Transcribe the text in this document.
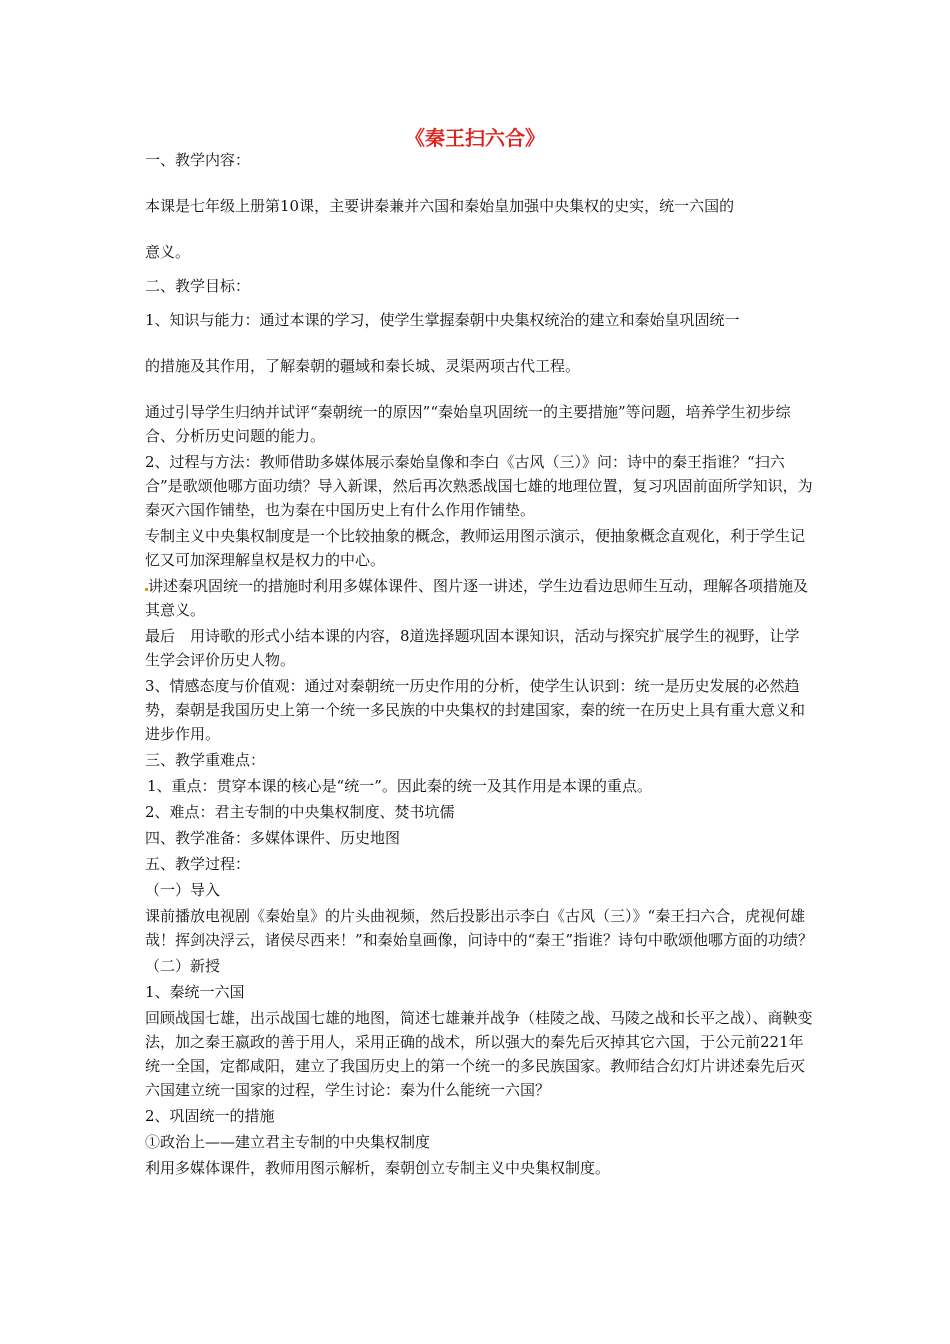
《秦王扫六合》

一、教学内容：

本课是七年级上册第10课，主要讲秦兼并六国和秦始皇加强中央集权的史实，统一六国的

意义。

二、教学目标：

1、知识与能力：通过本课的学习，使学生掌握秦朝中央集权统治的建立和秦始皇巩固统一

的措施及其作用，了解秦朝的疆域和秦长城、灵渠两项古代工程。

通过引导学生归纳并试评“秦朝统一的原因”“秦始皇巩固统一的主要措施”等问题，培养学生初步综合、分析历史问题的能力。

2、过程与方法：教师借助多媒体展示秦始皇像和李白《古风（三）》问：诗中的秦王指谁？“扫六合”是歌颂他哪方面功绩？导入新课，然后再次熟悉战国七雄的地理位置，复习巩固前面所学知识，为秦灭六国作铺垫，也为秦在中国历史上有什么作用作铺垫。

专制主义中央集权制度是一个比较抽象的概念，教师运用图示演示，便抽象概念直观化，利于学生记忆又可加深理解皇权是权力的中心。

讲述秦巩固统一的措施时利用多媒体课件、图片逐一讲述，学生边看边思师生互动，理解各项措施及其意义。

最后　用诗歌的形式小结本课的内容，8道选择题巩固本课知识，活动与探究扩展学生的视野，让学生学会评价历史人物。

3、情感态度与价值观：通过对秦朝统一历史作用的分析，使学生认识到：统一是历史发展的必然趋势，秦朝是我国历史上第一个统一多民族的中央集权的封建国家，秦的统一在历史上具有重大意义和进步作用。

三、教学重难点：

1、重点：贯穿本课的核心是“统一”。因此秦的统一及其作用是本课的重点。

2、难点：君主专制的中央集权制度、焚书坑儒

四、教学准备：多媒体课件、历史地图

五、教学过程：

（一）导入

课前播放电视剧《秦始皇》的片头曲视频，然后投影出示李白《古风（三）》“秦王扫六合，虎视何雄哉！挥剑决浮云，诸侯尽西来！”和秦始皇画像，问诗中的“秦王”指谁？诗句中歌颂他哪方面的功绩？

（二）新授

1、秦统一六国

回顾战国七雄，出示战国七雄的地图，简述七雄兼并战争（桂陵之战、马陵之战和长平之战）、商鞅变法，加之秦王嬴政的善于用人，采用正确的战术，所以强大的秦先后灭掉其它六国，于公元前221年统一全国，定都咸阳，建立了我国历史上的第一个统一的多民族国家。教师结合幻灯片讲述秦先后灭六国建立统一国家的过程，学生讨论：秦为什么能统一六国？

2、巩固统一的措施

①政治上——建立君主专制的中央集权制度

利用多媒体课件，教师用图示解析，秦朝创立专制主义中央集权制度。
